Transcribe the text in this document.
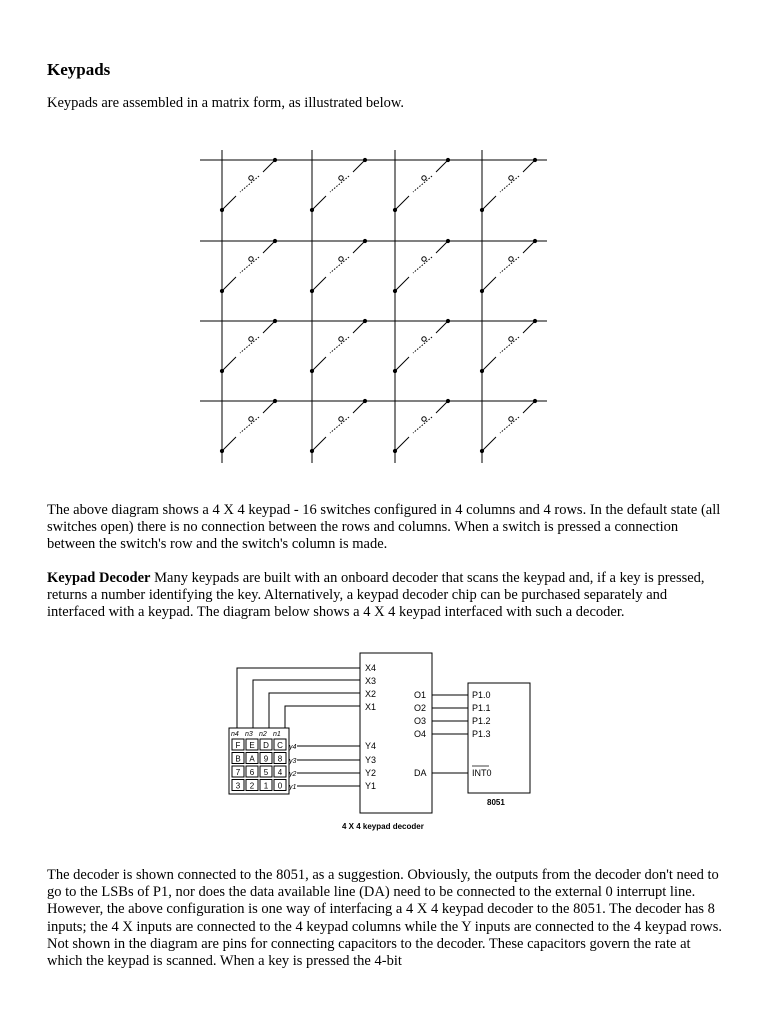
Keypads

Keypads are assembled in a matrix form, as illustrated below.

The above diagram shows a 4 X 4 keypad - 16 switches configured in 4 columns and 4 rows. In the default state (all switches open) there is no connection between the rows and columns. When a switch is pressed a connection between the switch's row and the switch's column is made.

Keypad Decoder Many keypads are built with an onboard decoder that scans the keypad and, if a key is pressed, returns a number identifying the key. Alternatively, a keypad decoder chip can be purchased separately and interfaced with a keypad. The diagram below shows a 4 X 4 keypad interfaced with such a decoder.

F E D C
B A 9 8
7 6 5 4
3 2 1 0
X4
X3
X2
X1
Y4
Y3
Y2
Y1
O1
O2
O3
O4
DA
P1.0
P1.1
P1.2
P1.3
INT0
8051
4 X 4 keypad decoder
n4 n3 n2 n1
y4
y3
y2
y1

The decoder is shown connected to the 8051, as a suggestion. Obviously, the outputs from the decoder don't need to go to the LSBs of P1, nor does the data available line (DA) need to be connected to the external 0 interrupt line. However, the above configuration is one way of interfacing a 4 X 4 keypad decoder to the 8051. The decoder has 8 inputs; the 4 X inputs are connected to the 4 keypad columns while the Y inputs are connected to the 4 keypad rows. Not shown in the diagram are pins for connecting capacitors to the decoder. These capacitors govern the rate at which the keypad is scanned. When a key is pressed the 4-bit
